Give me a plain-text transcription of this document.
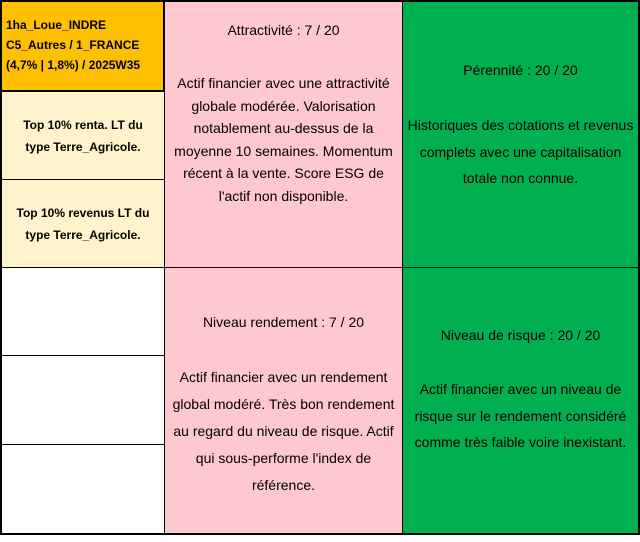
1ha_Loue_INDRE
C5_Autres / 1_FRANCE
(4,7% | 1,8%) / 2025W35
Top 10% renta. LT du type Terre_Agricole.
Top 10% revenus LT du type Terre_Agricole.
Attractivité : 7 / 20
Actif financier avec une attractivité globale modérée. Valorisation notablement au-dessus de la moyenne 10 semaines. Momentum récent à la vente. Score ESG de l'actif non disponible.
Pérennité : 20 / 20
Historiques des cotations et revenus complets avec une capitalisation totale non connue.
Niveau rendement : 7 / 20
Actif financier avec un rendement global modéré. Très bon rendement au regard du niveau de risque. Actif qui sous-performe l'index de référence.
Niveau de risque : 20 / 20
Actif financier avec un niveau de risque sur le rendement considéré comme très faible voire inexistant.
